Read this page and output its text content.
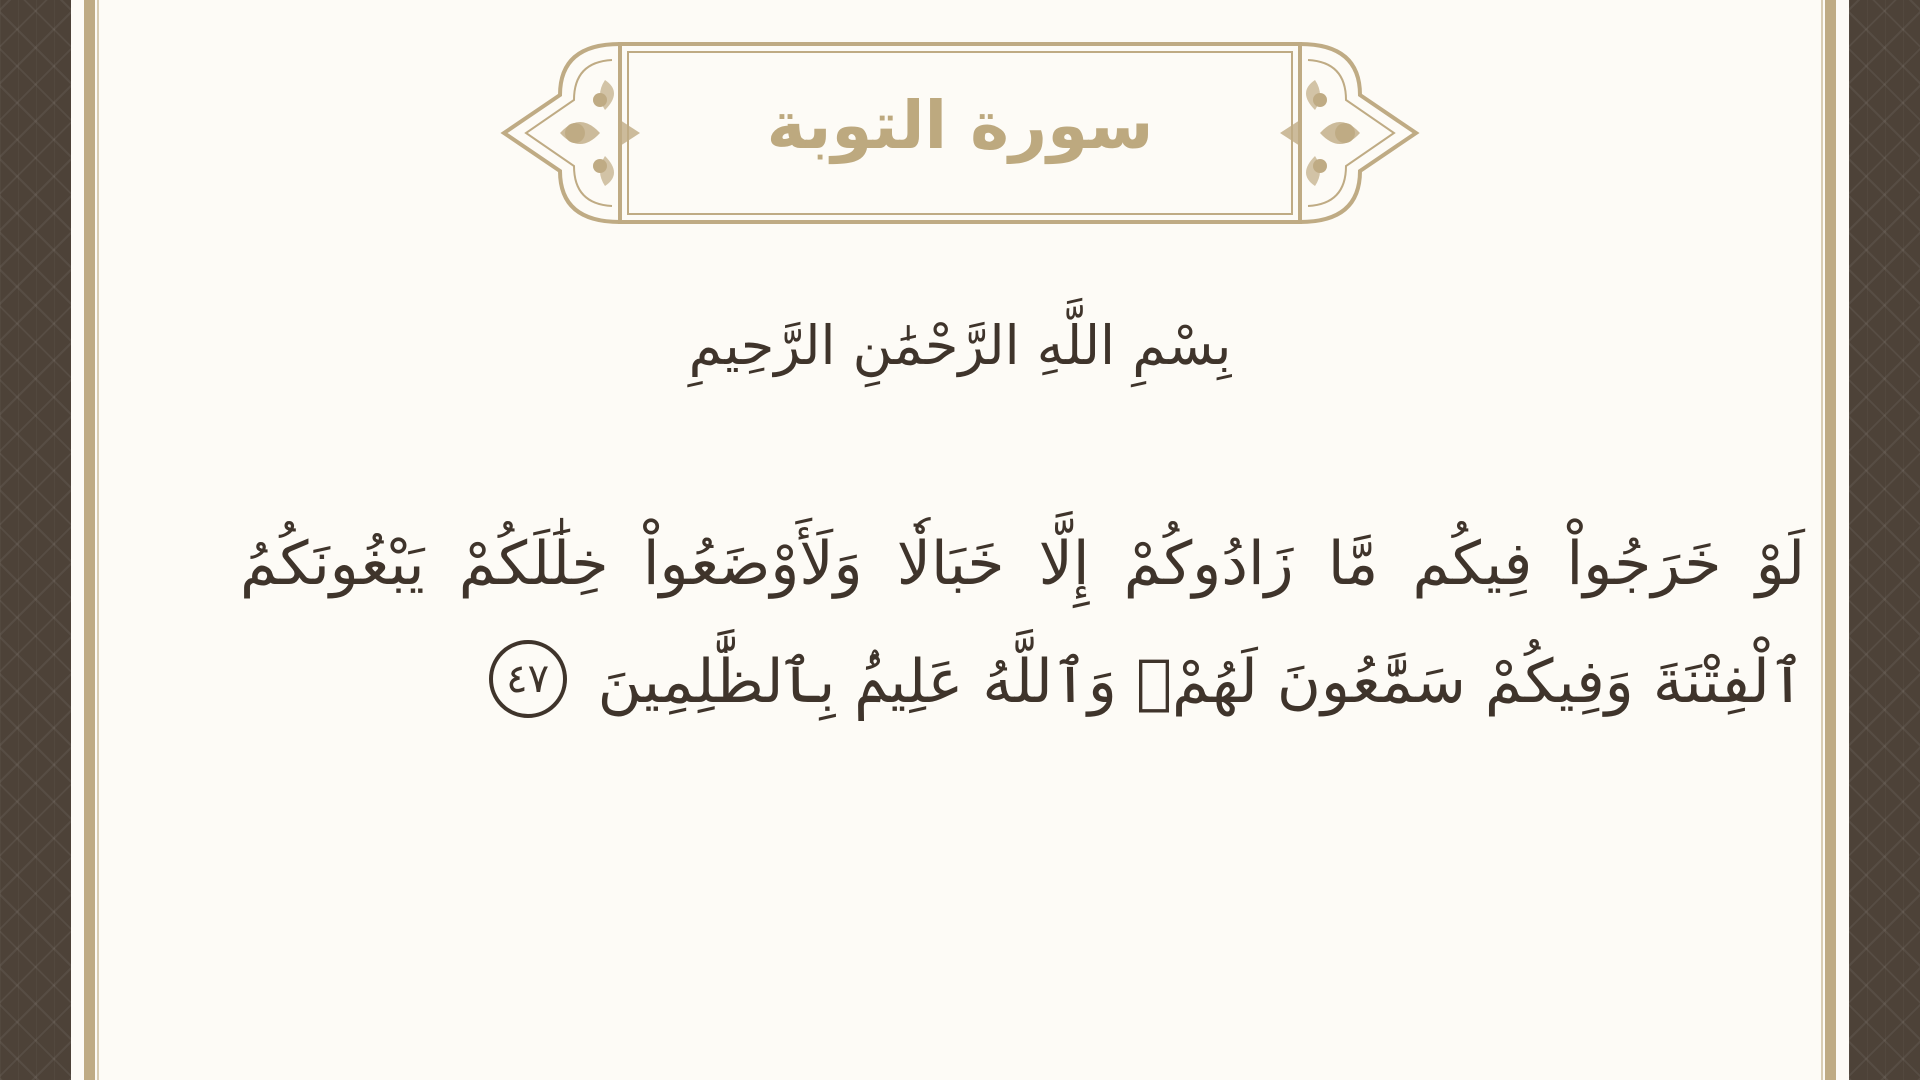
سورة التوبة
بِسْمِ اللَّهِ الرَّحْمَٰنِ الرَّحِيمِ
لَوْ خَرَجُواْ فِيكُم مَّا زَادُوكُمْ إِلَّا خَبَالٗا وَلَأَوْضَعُواْ خِلَٰلَكُمْ يَبْغُونَكُمُ ٱلْفِتْنَةَ وَفِيكُمْ سَمَّٰعُونَ لَهُمْۗ وَٱللَّهُ عَلِيمُۢ بِٱلظَّٰلِمِينَ ٤٧
